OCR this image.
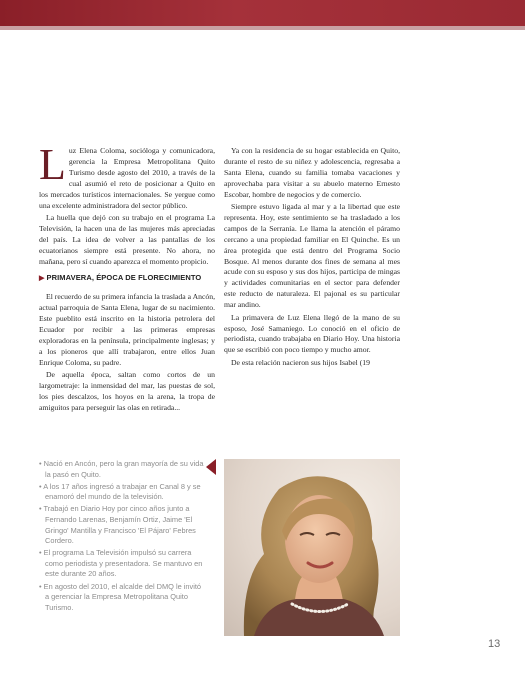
Luz Elena Coloma, socióloga y comunicadora, gerencia la Empresa Metropolitana Quito Turismo desde agosto del 2010, a través de la cual asumió el reto de posicionar a Quito en los mercados turísticos internacionales. Se yergue como una excelente administradora del sector público.

La huella que dejó con su trabajo en el programa La Televisión, la hacen una de las mujeres más apreciadas del país. La idea de volver a las pantallas de los ecuatorianos siempre está presente. No ahora, no mañana, pero sí cuando aparezca el momento propicio.

▶ PRIMAVERA, ÉPOCA DE FLORECIMIENTO

El recuerdo de su primera infancia la traslada a Ancón, actual parroquia de Santa Elena, lugar de su nacimiento. Este pueblito está inscrito en la historia petrolera del Ecuador por recibir a las primeras empresas exploradoras en la península, principalmente inglesas; y a los pioneros que allí trabajaron, entre ellos Juan Enrique Coloma, su padre.

De aquella época, saltan como cortos de un largometraje: la inmensidad del mar, las puestas de sol, los pies descalzos, los hoyos en la arena, la tropa de amiguitos para perseguir las olas en retirada...

Ya con la residencia de su hogar establecida en Quito, durante el resto de su niñez y adolescencia, regresaba a Santa Elena, cuando su familia tomaba vacaciones y aprovechaba para visitar a su abuelo materno Ernesto Escobar, hombre de negocios y de comercio.

Siempre estuvo ligada al mar y a la libertad que este representa. Hoy, este sentimiento se ha trasladado a los campos de la Serranía. Le llama la atención el páramo cercano a una propiedad familiar en El Quinche. Es un área protegida que está dentro del Programa Socio Bosque. Al menos durante dos fines de semana al mes acude con su esposo y sus dos hijos, participa de mingas y actividades comunitarias en el sector para defender este reducto de naturaleza. El pajonal es su particular mar andino.

La primavera de Luz Elena llegó de la mano de su esposo, José Samaniego. Lo conoció en el oficio de periodista, cuando trabajaba en Diario Hoy. Una historia que se escribió con poco tiempo y mucho amor.

De esta relación nacieron sus hijos Isabel (19

• Nació en Ancón, pero la gran mayoría de su vida la pasó en Quito.
• A los 17 años ingresó a trabajar en Canal 8 y se enamoró del mundo de la televisión.
• Trabajó en Diario Hoy por cinco años junto a Fernando Larenas, Benjamín Ortiz, Jaime 'El Gringo' Mantilla y Francisco 'El Pájaro' Febres Cordero.
• El programa La Televisión impulsó su carrera como periodista y presentadora. Se mantuvo en este durante 20 años.
• En agosto del 2010, el alcalde del DMQ le invitó a gerenciar la Empresa Metropolitana Quito Turismo.
13
